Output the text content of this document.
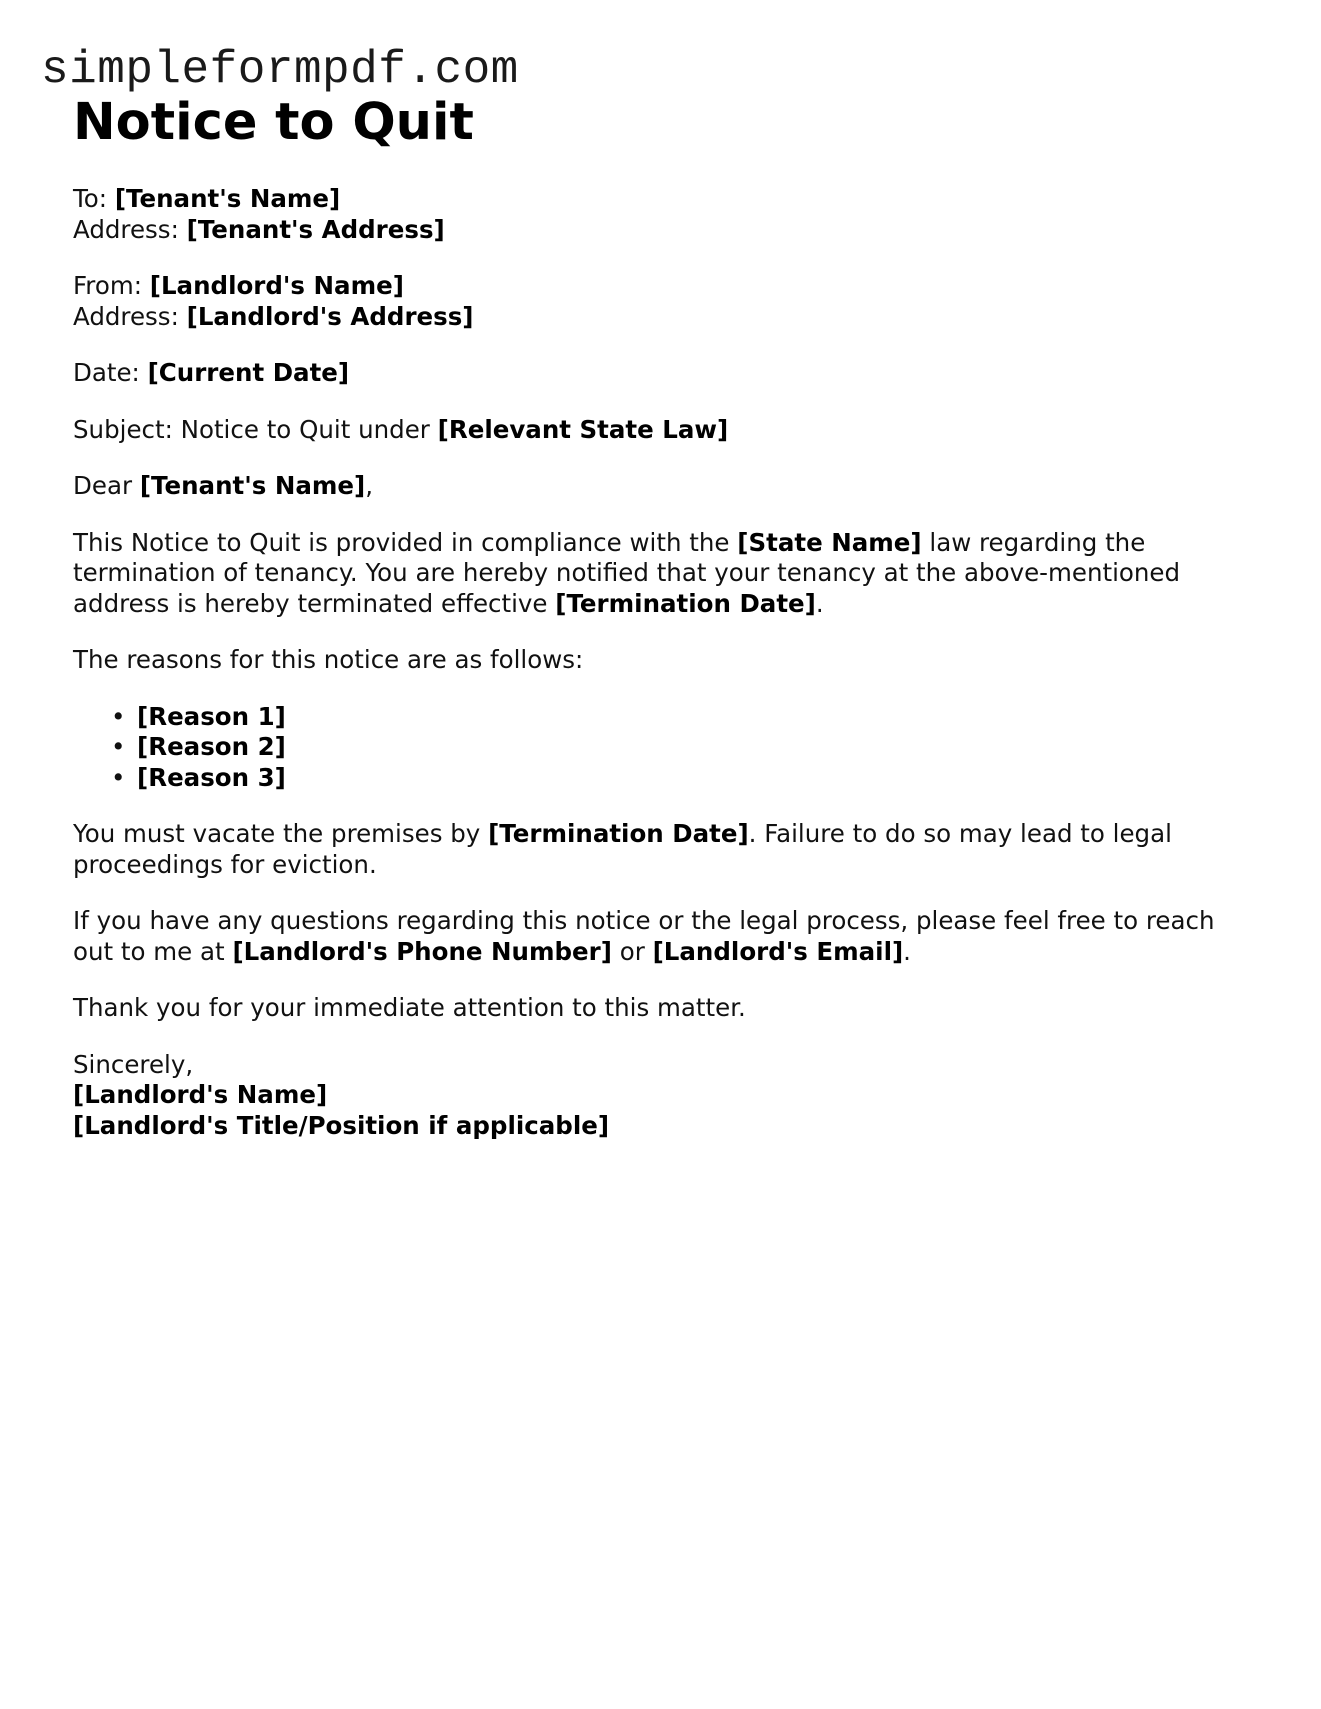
simpleformpdf.com
Notice to Quit

To: [Tenant's Name]

Address: [Tenant's Address]

From: [Landlord's Name]

Address: [Landlord's Address]

Date: [Current Date]

Subject: Notice to Quit under [Relevant State Law]

Dear [Tenant's Name],

This Notice to Quit is provided in compliance with the [State Name] law regarding the termination of tenancy. You are hereby notified that your tenancy at the above-mentioned address is hereby terminated effective [Termination Date].

The reasons for this notice are as follows:

• [Reason 1]
• [Reason 2]
• [Reason 3]

You must vacate the premises by [Termination Date]. Failure to do so may lead to legal proceedings for eviction.

If you have any questions regarding this notice or the legal process, please feel free to reach out to me at [Landlord's Phone Number] or [Landlord's Email].

Thank you for your immediate attention to this matter.

Sincerely,

[Landlord's Name]

[Landlord's Title/Position if applicable]
